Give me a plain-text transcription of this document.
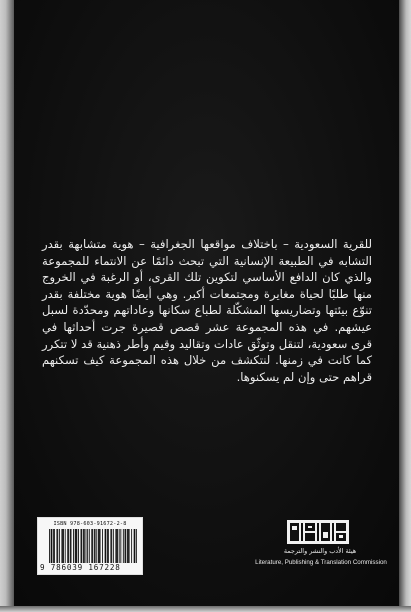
للقرية السعودية – باختلاف مواقعها الجغرافية – هوية متشابهة بقدر التشابه في الطبيعة الإنسانية التي تبحث دائمًا عن الانتماء للمجموعة والذي كان الدافع الأساسي لتكوين تلك القرى، أو الرغبة في الخروج منها طلبًا لحياة مغايرة ومجتمعات أكبر. وهي أيضًا هوية مختلفة بقدر تنوّع بيئتها وتضاريسها المشكّلة لطباع سكانها وعاداتهم ومحدّدة لسبل عيشهم. في هذه المجموعة عشر قصص قصيرة جرت أحداثها في قرى سعودية، لتنقل وتوثّق عادات وتقاليد وقيم وأطر ذهنية قد لا تتكرر كما كانت في زمنها. لنتكشف من خلال هذه المجموعة كيف تسكنهم قراهم حتى وإن لم يسكنوها.

ISBN 978-603-91672-2-8
9 786039 167228
هيئة الأدب والنشر والترجمة
Literature, Publishing & Translation Commission
